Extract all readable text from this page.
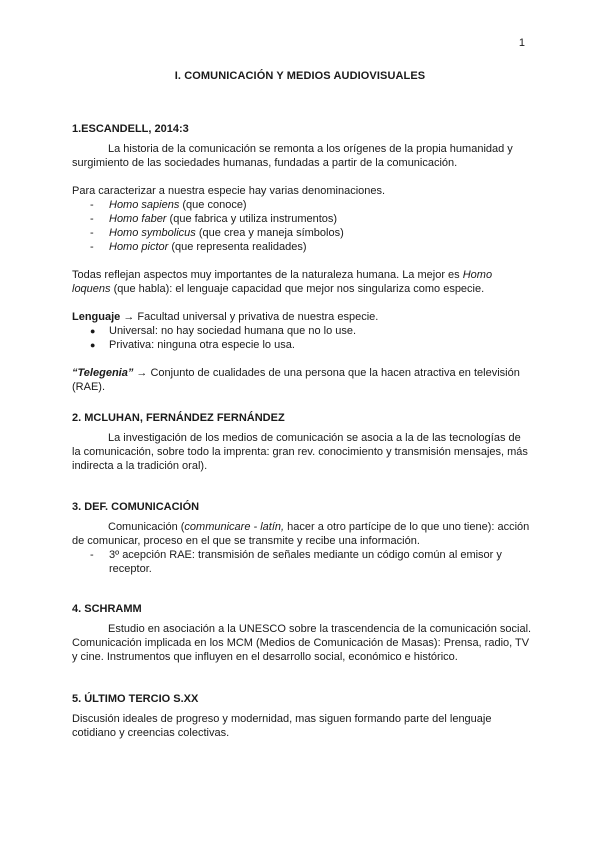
1
I. COMUNICACIÓN Y MEDIOS AUDIOVISUALES
1.ESCANDELL, 2014:3

La historia de la comunicación se remonta a los orígenes de la propia humanidad y surgimiento de las sociedades humanas, fundadas a partir de la comunicación.

Para caracterizar a nuestra especie hay varias denominaciones.

- Homo sapiens (que conoce)
- Homo faber (que fabrica y utiliza instrumentos)
- Homo symbolicus (que crea y maneja símbolos)
- Homo pictor (que representa realidades)

Todas reflejan aspectos muy importantes de la naturaleza humana. La mejor es Homo loquens (que habla): el lenguaje capacidad que mejor nos singulariza como especie.

Lenguaje → Facultad universal y privativa de nuestra especie.

● Universal: no hay sociedad humana que no lo use.
● Privativa: ninguna otra especie lo usa.

“Telegenia” → Conjunto de cualidades de una persona que la hacen atractiva en televisión (RAE).

2. MCLUHAN, FERNÁNDEZ FERNÁNDEZ

La investigación de los medios de comunicación se asocia a la de las tecnologías de la comunicación, sobre todo la imprenta: gran rev. conocimiento y transmisión mensajes, más indirecta a la tradición oral).

3. DEF. COMUNICACIÓN

Comunicación (communicare - latín, hacer a otro partícipe de lo que uno tiene): acción de comunicar, proceso en el que se transmite y recibe una información.

- 3º acepción RAE: transmisión de señales mediante un código común al emisor y receptor.
4. SCHRAMM

Estudio en asociación a la UNESCO sobre la trascendencia de la comunicación social. Comunicación implicada en los MCM (Medios de Comunicación de Masas): Prensa, radio, TV y cine. Instrumentos que influyen en el desarrollo social, económico e histórico.

5. ÚLTIMO TERCIO S.XX

Discusión ideales de progreso y modernidad, mas siguen formando parte del lenguaje cotidiano y creencias colectivas.
